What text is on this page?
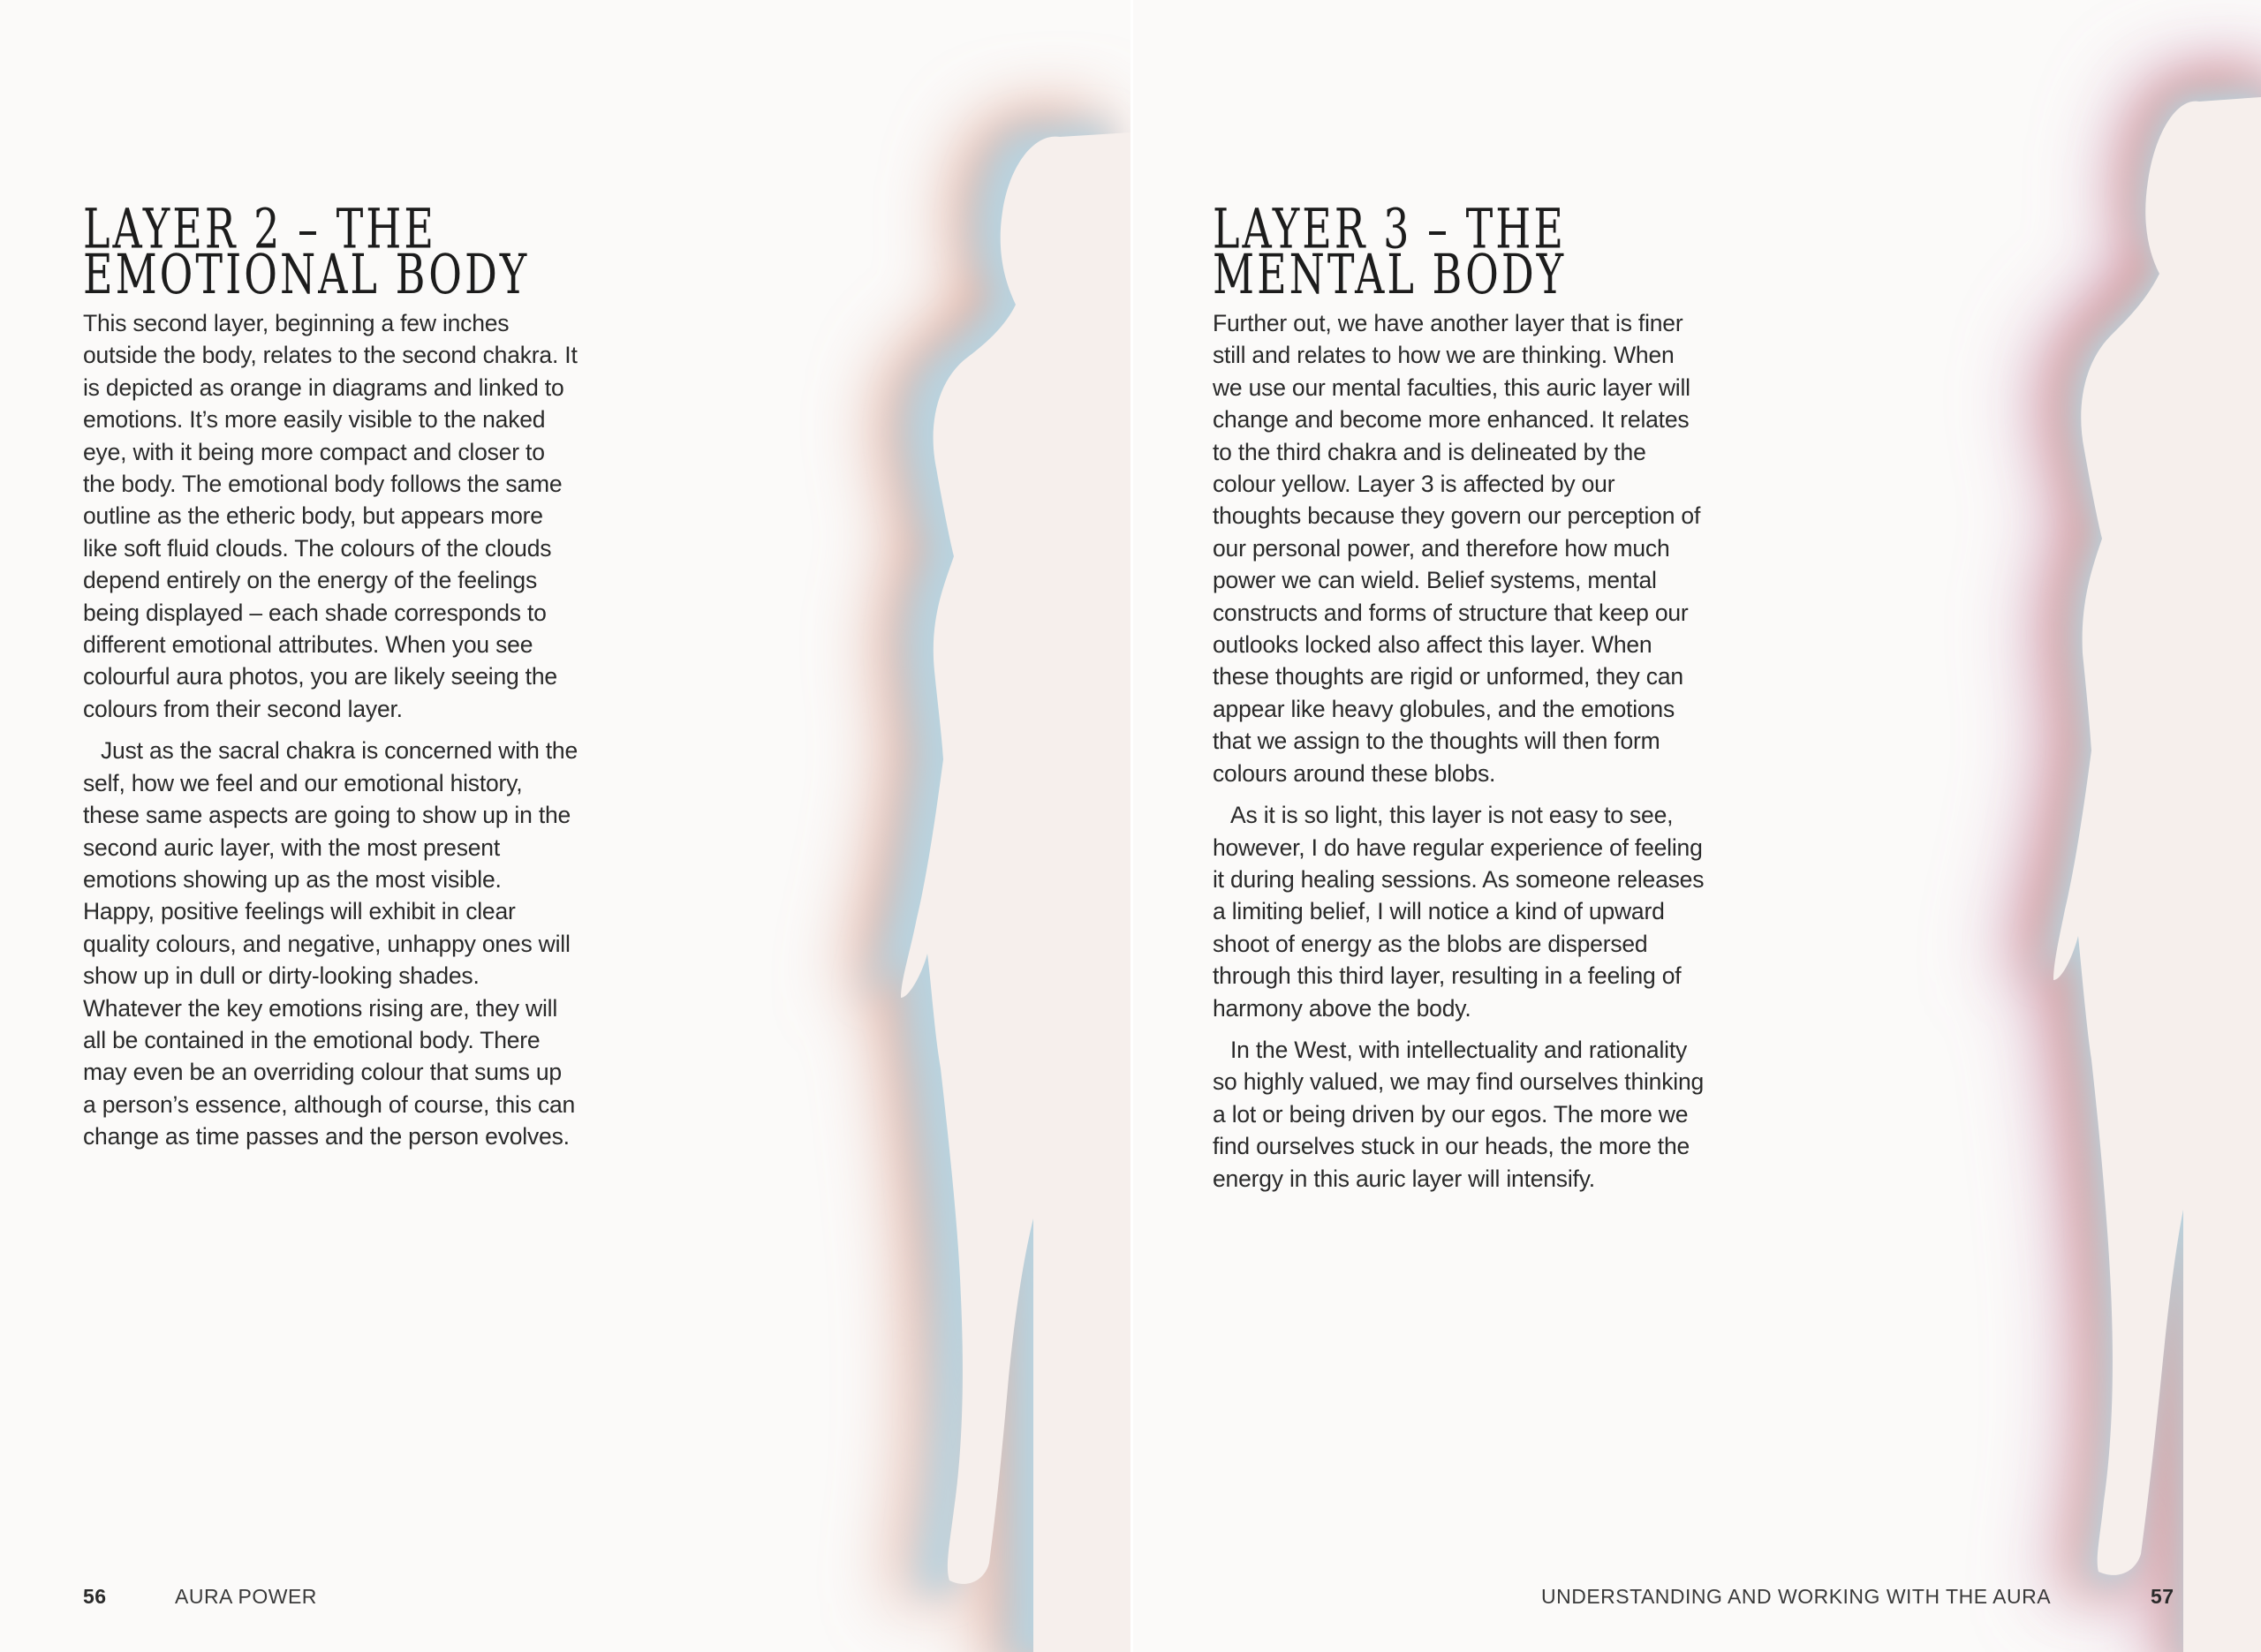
LAYER 2 – THE
EMOTIONAL BODY

This second layer, beginning a few inches outside the body, relates to the second chakra. It is depicted as orange in diagrams and linked to emotions. It’s more easily visible to the naked eye, with it being more compact and closer to the body. The emotional body follows the same outline as the etheric body, but appears more like soft fluid clouds. The colours of the clouds depend entirely on the energy of the feelings being displayed – each shade corresponds to different emotional attributes. When you see colourful aura photos, you are likely seeing the colours from their second layer.

Just as the sacral chakra is concerned with the self, how we feel and our emotional history, these same aspects are going to show up in the second auric layer, with the most present emotions showing up as the most visible. Happy, positive feelings will exhibit in clear quality colours, and negative, unhappy ones will show up in dull or dirty-looking shades. Whatever the key emotions rising are, they will all be contained in the emotional body. There may even be an overriding colour that sums up a person’s essence, although of course, this can change as time passes and the person evolves.

56	AURA POWER
LAYER 3 – THE
MENTAL BODY

Further out, we have another layer that is finer still and relates to how we are thinking. When we use our mental faculties, this auric layer will change and become more enhanced. It relates to the third chakra and is delineated by the colour yellow. Layer 3 is affected by our thoughts because they govern our perception of our personal power, and therefore how much power we can wield. Belief systems, mental constructs and forms of structure that keep our outlooks locked also affect this layer. When these thoughts are rigid or unformed, they can appear like heavy globules, and the emotions that we assign to the thoughts will then form colours around these blobs.

As it is so light, this layer is not easy to see, however, I do have regular experience of feeling it during healing sessions. As someone releases a limiting belief, I will notice a kind of upward shoot of energy as the blobs are dispersed through this third layer, resulting in a feeling of harmony above the body.

In the West, with intellectuality and rationality so highly valued, we may find ourselves thinking a lot or being driven by our egos. The more we find ourselves stuck in our heads, the more the energy in this auric layer will intensify.

UNDERSTANDING AND WORKING WITH THE AURA	57
